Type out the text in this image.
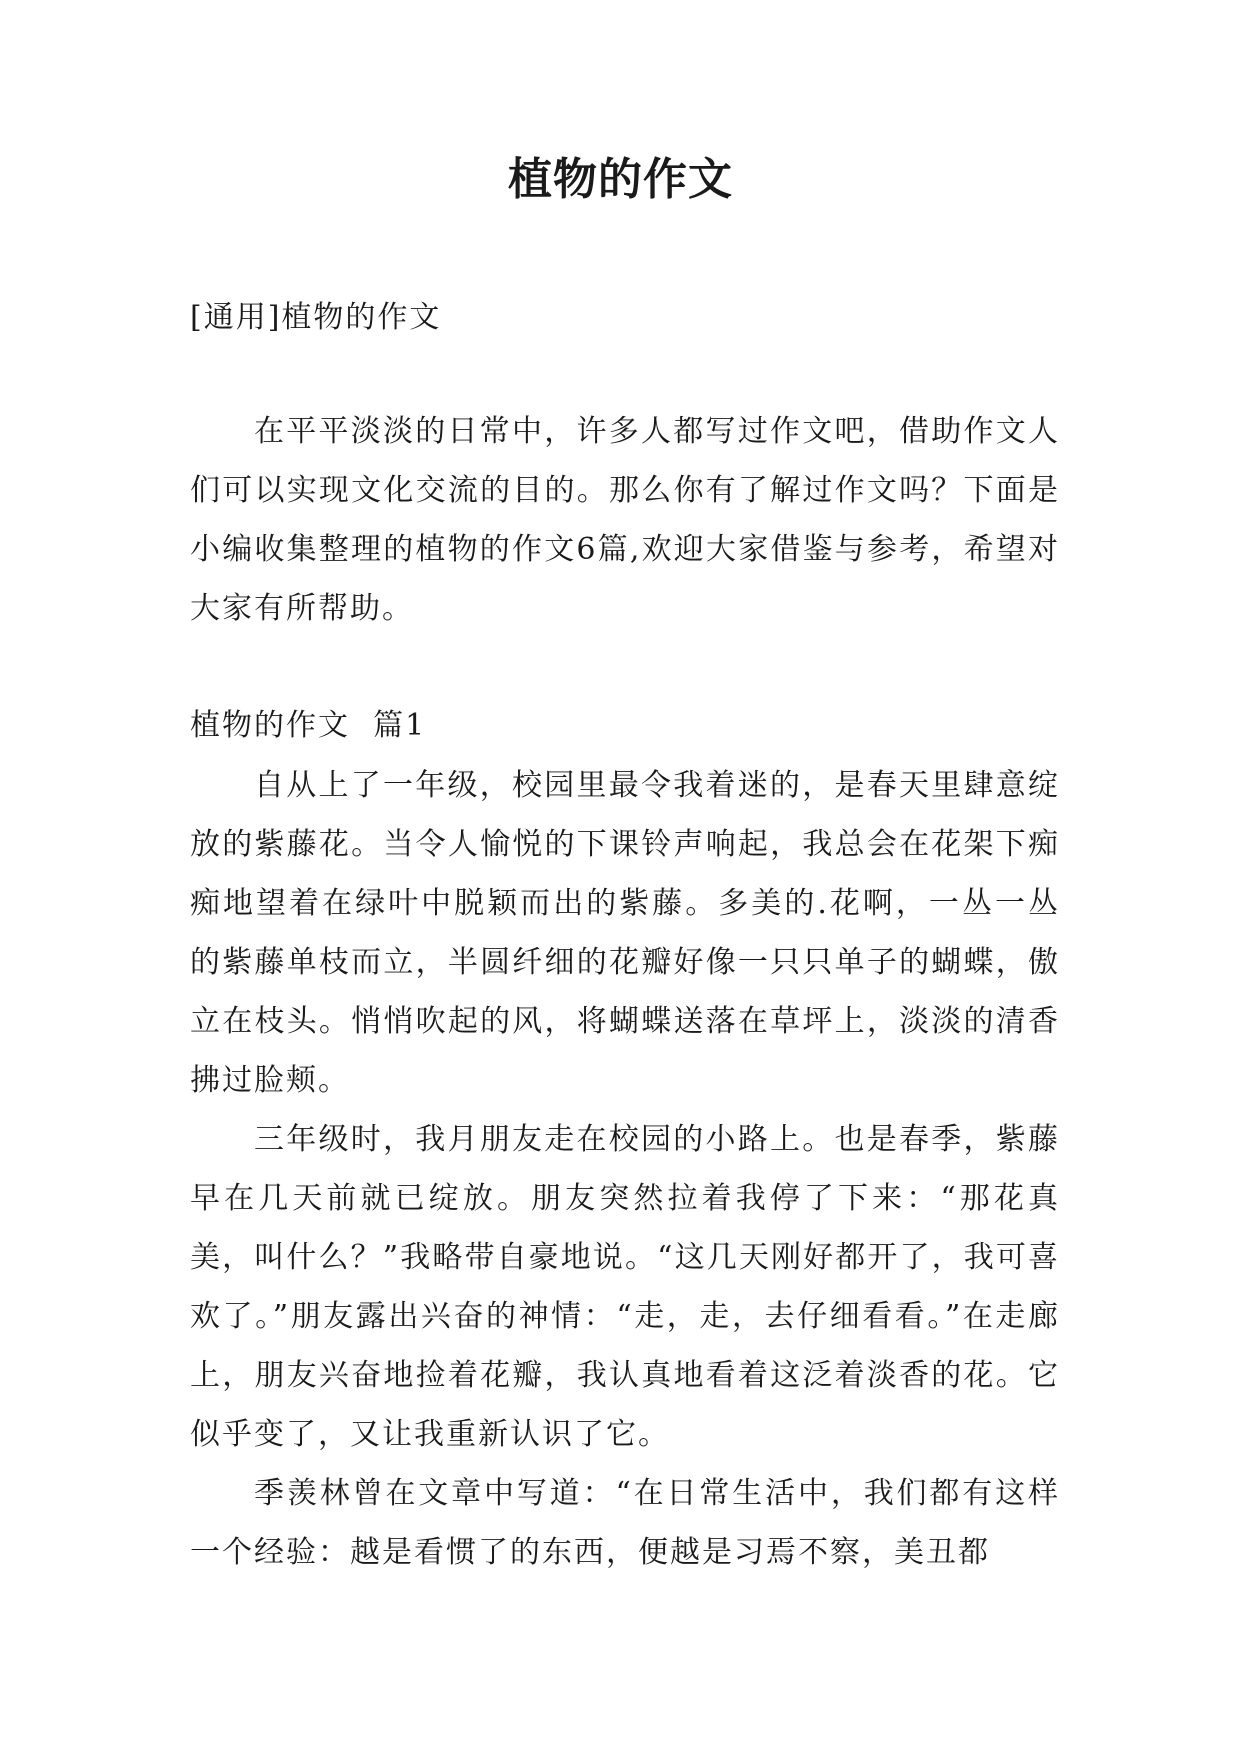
植物的作文

[通用]植物的作文

在平平淡淡的日常中，许多人都写过作文吧，借助作文人们可以实现文化交流的目的。那么你有了解过作文吗？下面是小编收集整理的植物的作文6篇,欢迎大家借鉴与参考，希望对大家有所帮助。

植物的作文  篇1

自从上了一年级，校园里最令我着迷的，是春天里肆意绽放的紫藤花。当令人愉悦的下课铃声响起，我总会在花架下痴痴地望着在绿叶中脱颖而出的紫藤。多美的.花啊，一丛一丛的紫藤单枝而立，半圆纤细的花瓣好像一只只单子的蝴蝶，傲立在枝头。悄悄吹起的风，将蝴蝶送落在草坪上，淡淡的清香拂过脸颊。

三年级时，我月朋友走在校园的小路上。也是春季，紫藤早在几天前就已绽放。朋友突然拉着我停了下来：“那花真美，叫什么？”我略带自豪地说。“这几天刚好都开了，我可喜欢了。”朋友露出兴奋的神情：“走，走，去仔细看看。”在走廊上，朋友兴奋地捡着花瓣，我认真地看着这泛着淡香的花。它似乎变了，又让我重新认识了它。

季羡林曾在文章中写道：“在日常生活中，我们都有这样一个经验：越是看惯了的东西，便越是习焉不察，美丑都
